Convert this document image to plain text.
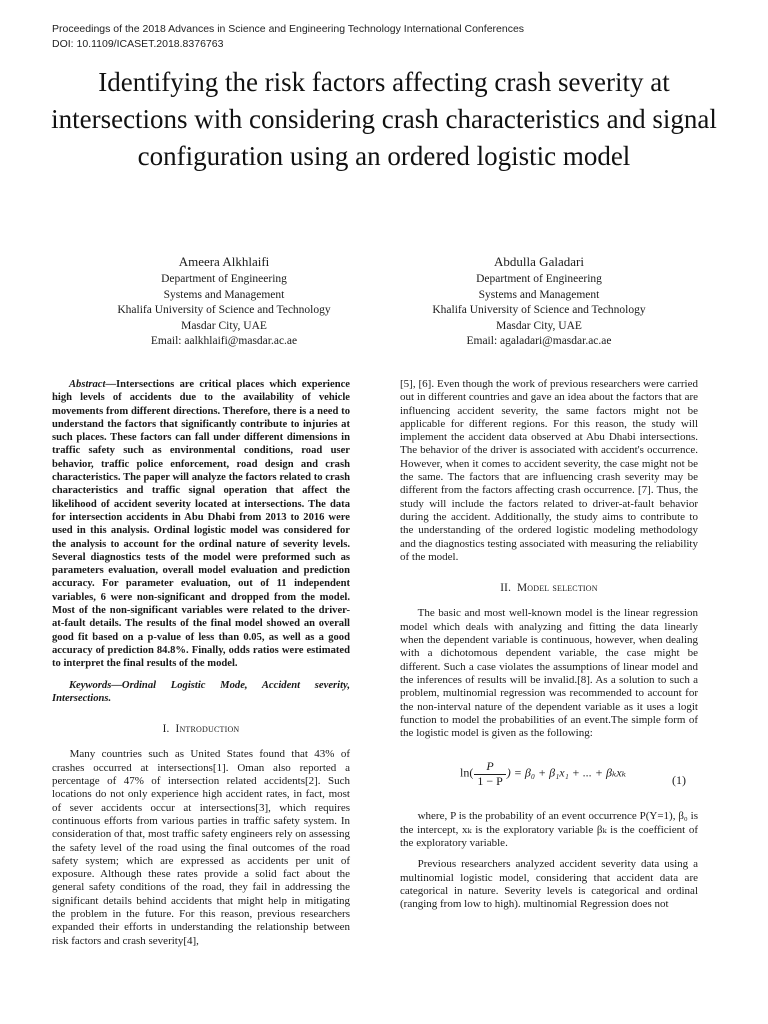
Proceedings of the 2018 Advances in Science and Engineering Technology International Conferences
DOI: 10.1109/ICASET.2018.8376763
Identifying the risk factors affecting crash severity at intersections with considering crash characteristics and signal configuration using an ordered logistic model
Ameera Alkhlaifi
Department of Engineering
Systems and Management
Khalifa University of Science and Technology
Masdar City, UAE
Email: aalkhlaifi@masdar.ac.ae
Abdulla Galadari
Department of Engineering
Systems and Management
Khalifa University of Science and Technology
Masdar City, UAE
Email: agaladari@masdar.ac.ae

Abstract—Intersections are critical places which experience high levels of accidents due to the availability of vehicle movements from different directions. Therefore, there is a need to understand the factors that significantly contribute to injuries at such places. These factors can fall under different dimensions in traffic safety such as environmental conditions, road user behavior, traffic police enforcement, road design and crash characteristics. The paper will analyze the factors related to crash characteristics and traffic signal operation that affect the likelihood of accident severity located at intersections. The data for intersection accidents in Abu Dhabi from 2013 to 2016 were used in this analysis. Ordinal logistic model was considered for the analysis to account for the ordinal nature of severity levels. Several diagnostics tests of the model were preformed such as parameters evaluation, overall model evaluation and prediction accuracy. For parameter evaluation, out of 11 independent variables, 6 were non-significant and dropped from the model. Most of the non-significant variables were related to the driver-at-fault details. The results of the final model showed an overall good fit based on a p-value of less than 0.05, as well as a good accuracy of prediction 84.8%. Finally, odds ratios were estimated to interpret the final results of the model.

Keywords—Ordinal Logistic Mode, Accident severity, Intersections.

I. Introduction

Many countries such as United States found that 43% of crashes occurred at intersections[1]. Oman also reported a percentage of 47% of intersection related accidents[2]. Such locations do not only experience high accident rates, in fact, most of sever accidents occur at intersections[3], which requires continuous efforts from various parties in traffic safety system. In consideration of that, most traffic safety engineers rely on assessing the safety level of the road using the final outcomes of the road safety system; which are expressed as accidents per unit of exposure. Although these rates provide a solid fact about the general safety conditions of the road, they fail in addressing the significant details behind accidents that might help in mitigating the problem in the future. For this reason, previous researchers expanded their efforts in understanding the relationship between risk factors and crash severity[4],

[5], [6]. Even though the work of previous researchers were carried out in different countries and gave an idea about the factors that are influencing accident severity, the same factors might not be applicable for different regions. For this reason, the study will implement the accident data observed at Abu Dhabi intersections. The behavior of the driver is associated with accident's occurrence. However, when it comes to accident severity, the case might not be the same. The factors that are influencing crash severity may be different from the factors affecting crash occurrence. [7]. Thus, the study will include the factors related to driver-at-fault behavior during the accident. Additionally, the study aims to contribute to the understanding of the ordered logistic modeling methodology and the diagnostics testing associated with measuring the reliability of the model.

II. Model selection

The basic and most well-known model is the linear regression model which deals with analyzing and fitting the data linearly when the dependent variable is continuous, however, when dealing with a dichotomous dependent variable, the case might be different. Such a case violates the assumptions of linear model and the inferences of results will be invalid.[8]. As a solution to such a problem, multinomial regression was recommended to account for the non-interval nature of the dependent variable as it uses a logit function to model the probabilities of an event.The simple form of the logistic model is given as the following:

$\ln( \frac{P}{1 - P}$ ) = β₀ + β₁x₁ + ... + βₖxₖ
(1)

where, P is the probability of an event occurrence P(Y=1), β₀ is the intercept, xₖ is the exploratory variable βₖ is the coefficient of the exploratory variable.

Previous researchers analyzed accident severity data using a multinomial logistic model, considering that accident data are categorical in nature. Severity levels is categorical and ordinal (ranging from low to high). multinomial Regression does not
